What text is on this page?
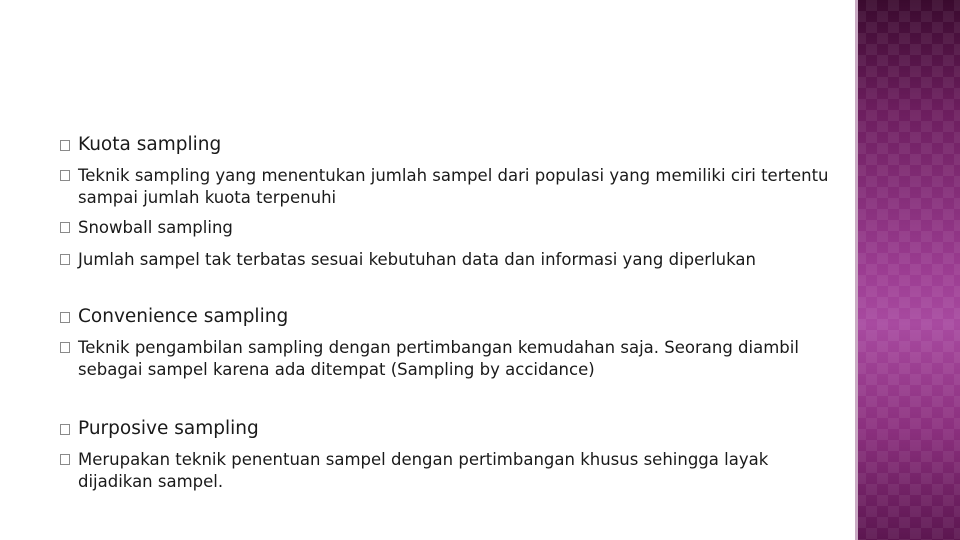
Kuota sampling
Teknik sampling yang menentukan jumlah sampel dari populasi yang memiliki ciri tertentu sampai jumlah kuota terpenuhi
Snowball sampling
Jumlah sampel tak terbatas sesuai kebutuhan data dan informasi yang diperlukan
Convenience sampling
Teknik pengambilan sampling dengan pertimbangan kemudahan saja. Seorang diambil sebagai sampel karena ada ditempat (Sampling by accidance)
Purposive sampling
Merupakan teknik penentuan sampel dengan pertimbangan khusus sehingga layak dijadikan sampel.
